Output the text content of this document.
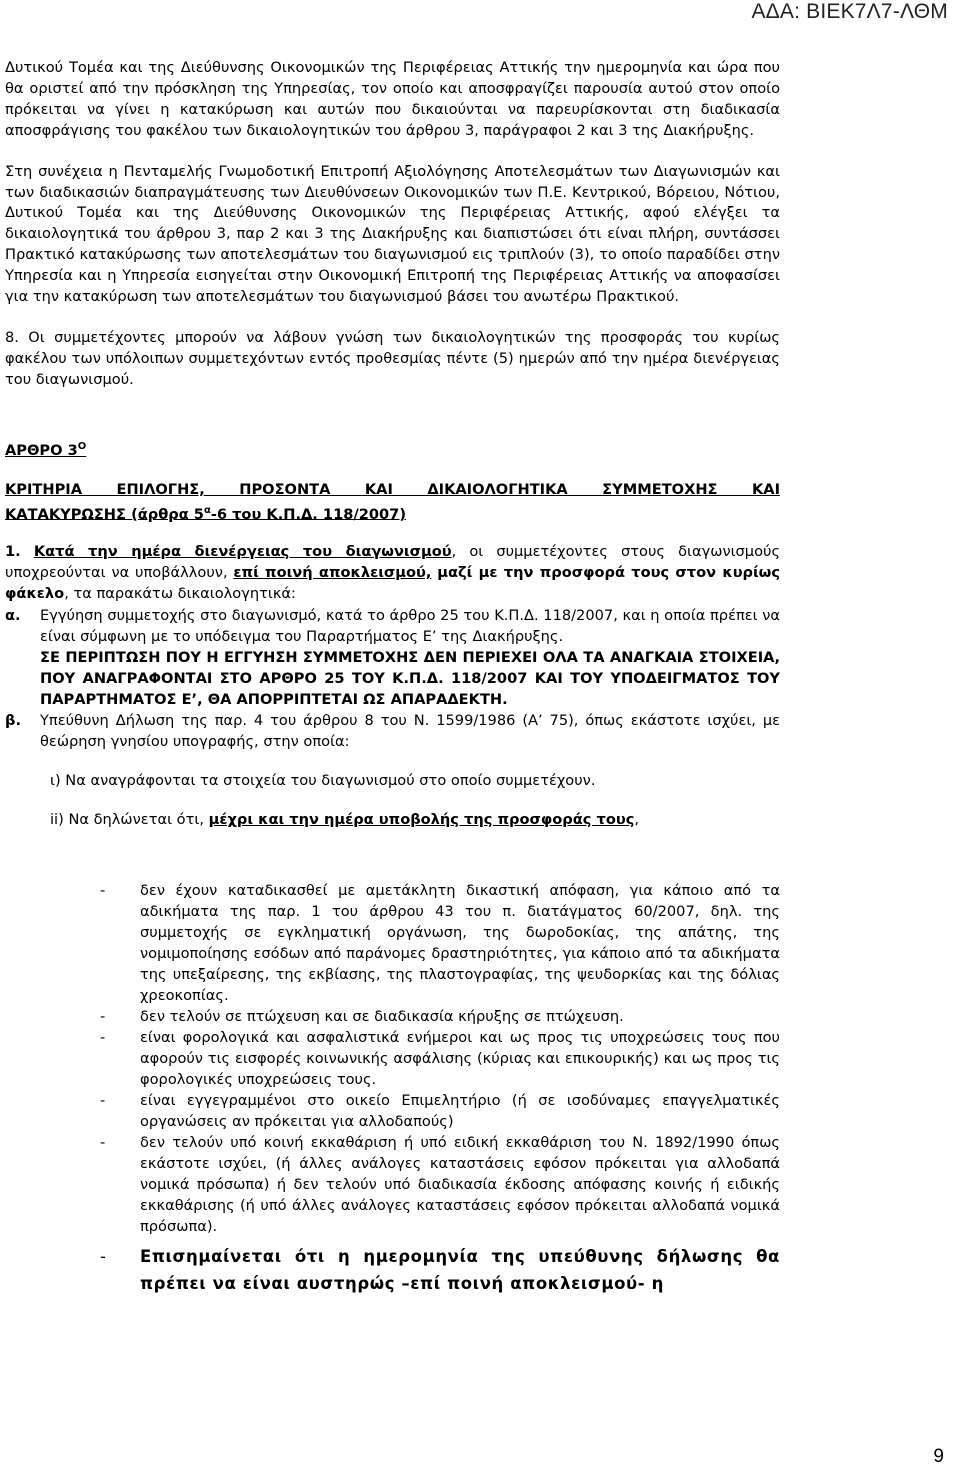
ΑΔΑ: ΒΙΕΚ7Λ7-ΛΘΜ

Δυτικού Τομέα και της Διεύθυνσης Οικονομικών της Περιφέρειας Αττικής την ημερομηνία και ώρα που θα οριστεί από την πρόσκληση της Υπηρεσίας, τον οποίο και αποσφραγίζει παρουσία αυτού στον οποίο πρόκειται να γίνει η κατακύρωση και αυτών που δικαιούνται να παρευρίσκονται στη διαδικασία αποσφράγισης του φακέλου των δικαιολογητικών του άρθρου 3, παράγραφοι 2 και 3 της Διακήρυξης.

Στη συνέχεια η Πενταμελής Γνωμοδοτική Επιτροπή Αξιολόγησης Αποτελεσμάτων των Διαγωνισμών και των διαδικασιών διαπραγμάτευσης των Διευθύνσεων Οικονομικών των Π.Ε. Κεντρικού, Βόρειου, Νότιου, Δυτικού Τομέα και της Διεύθυνσης Οικονομικών της Περιφέρειας Αττικής, αφού ελέγξει τα δικαιολογητικά του άρθρου 3, παρ 2 και 3 της Διακήρυξης και διαπιστώσει ότι είναι πλήρη, συντάσσει Πρακτικό κατακύρωσης των αποτελεσμάτων του διαγωνισμού εις τριπλούν (3), το οποίο παραδίδει στην Υπηρεσία και η Υπηρεσία εισηγείται στην Οικονομική Επιτροπή της Περιφέρειας Αττικής να αποφασίσει για την κατακύρωση των αποτελεσμάτων του διαγωνισμού βάσει του ανωτέρω Πρακτικού.

8. Οι συμμετέχοντες μπορούν να λάβουν γνώση των δικαιολογητικών της προσφοράς του κυρίως φακέλου των υπόλοιπων συμμετεχόντων εντός προθεσμίας πέντε (5) ημερών από την ημέρα διενέργειας του διαγωνισμού.

ΑΡΘΡΟ $3^O$
ΚΡΙΤΗΡΙΑ ΕΠΙΛΟΓΗΣ, ΠΡΟΣΟΝΤΑ ΚΑΙ ΔΙΚΑΙΟΛΟΓΗΤΙΚΑ ΣΥΜΜΕΤΟΧΗΣ ΚΑΙ
ΚΑΤΑΚΥΡΩΣΗΣ (άρθρα $5^\alpha-6$ του Κ.Π.Δ. 118/2007)

1. Κατά την ημέρα διενέργειας του διαγωνισμού, οι συμμετέχοντες στους διαγωνισμούς υποχρεούνται να υποβάλλουν, επί ποινή αποκλεισμού, μαζί με την προσφορά τους στον κυρίως φάκελο, τα παρακάτω δικαιολογητικά:

α.	Εγγύηση συμμετοχής στο διαγωνισμό, κατά το άρθρο 25 του Κ.Π.Δ. 118/2007, και η οποία πρέπει να είναι σύμφωνη με το υπόδειγμα του Παραρτήματος Ε’ της Διακήρυξης.
ΣΕ ΠΕΡΙΠΤΩΣΗ ΠΟΥ Η ΕΓΓΥΗΣΗ ΣΥΜΜΕΤΟΧΗΣ ΔΕΝ ΠΕΡΙΕΧΕΙ ΟΛΑ ΤΑ ΑΝΑΓΚΑΙΑ ΣΤΟΙΧΕΙΑ, ΠΟΥ ΑΝΑΓΡΑΦΟΝΤΑΙ ΣΤΟ ΑΡΘΡΟ 25 ΤΟΥ Κ.Π.Δ. 118/2007 ΚΑΙ ΤΟΥ ΥΠΟΔΕΙΓΜΑΤΟΣ ΤΟΥ ΠΑΡΑΡΤΗΜΑΤΟΣ Ε’, ΘΑ ΑΠΟΡΡΙΠΤΕΤΑΙ ΩΣ ΑΠΑΡΑΔΕΚΤΗ.
β.	Υπεύθυνη Δήλωση της παρ. 4 του άρθρου 8 του Ν. 1599/1986 (Α’ 75), όπως εκάστοτε ισχύει, με θεώρηση γνησίου υπογραφής, στην οποία:
ι) Να αναγράφονται τα στοιχεία του διαγωνισμού στο οποίο συμμετέχουν.
ii) Να δηλώνεται ότι, μέχρι και την ημέρα υποβολής της προσφοράς τους,
-	δεν έχουν καταδικασθεί με αμετάκλητη δικαστική απόφαση, για κάποιο από τα αδικήματα της παρ. 1 του άρθρου 43 του π. διατάγματος 60/2007, δηλ. της συμμετοχής σε εγκληματική οργάνωση, της δωροδοκίας, της απάτης, της νομιμοποίησης εσόδων από παράνομες δραστηριότητες, για κάποιο από τα αδικήματα της υπεξαίρεσης, της εκβίασης, της πλαστογραφίας, της ψευδορκίας και της δόλιας χρεοκοπίας.
-	δεν τελούν σε πτώχευση και σε διαδικασία κήρυξης σε πτώχευση.
-	είναι φορολογικά και ασφαλιστικά ενήμεροι και ως προς τις υποχρεώσεις τους που αφορούν τις εισφορές κοινωνικής ασφάλισης (κύριας και επικουρικής) και ως προς τις φορολογικές υποχρεώσεις τους.
-	είναι εγγεγραμμένοι στο οικείο Επιμελητήριο (ή σε ισοδύναμες επαγγελματικές οργανώσεις αν πρόκειται για αλλοδαπούς)
-	δεν τελούν υπό κοινή εκκαθάριση ή υπό ειδική εκκαθάριση του Ν. 1892/1990 όπως εκάστοτε ισχύει, (ή άλλες ανάλογες καταστάσεις εφόσον πρόκειται για αλλοδαπά νομικά πρόσωπα) ή δεν τελούν υπό διαδικασία έκδοσης απόφασης κοινής ή ειδικής εκκαθάρισης (ή υπό άλλες ανάλογες καταστάσεις εφόσον πρόκειται αλλοδαπά νομικά πρόσωπα).
-	Επισημαίνεται ότι η ημερομηνία της υπεύθυνης δήλωσης θα πρέπει να είναι αυστηρώς –επί ποινή αποκλεισμού- η
9
